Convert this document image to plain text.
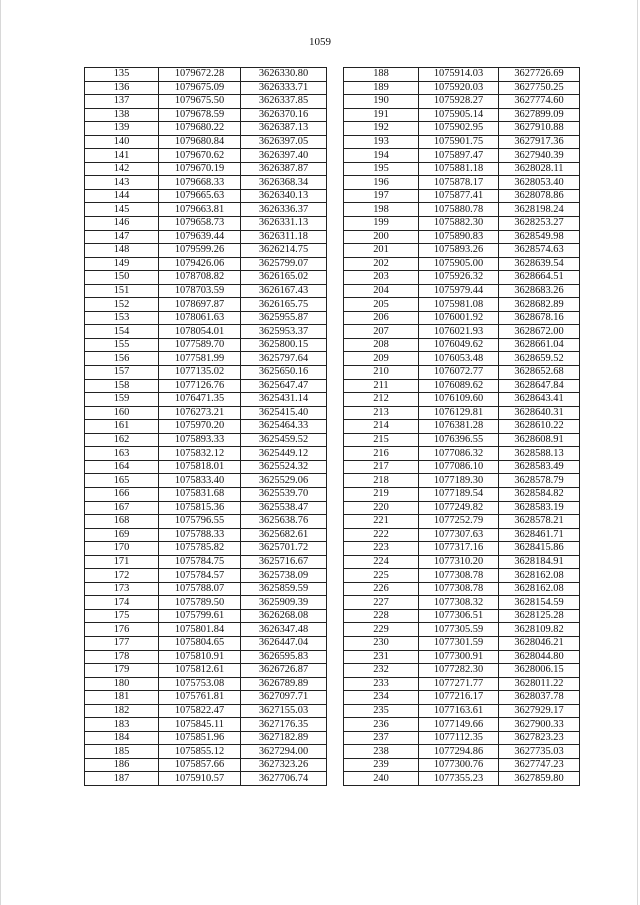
1059
135	1079672.28	3626330.80
136	1079675.09	3626333.71
137	1079675.50	3626337.85
138	1079678.59	3626370.16
139	1079680.22	3626387.13
140	1079680.84	3626397.05
141	1079670.62	3626397.40
142	1079670.19	3626387.87
143	1079668.33	3626368.34
144	1079665.63	3626340.13
145	1079663.81	3626336.37
146	1079658.73	3626331.13
147	1079639.44	3626311.18
148	1079599.26	3626214.75
149	1079426.06	3625799.07
150	1078708.82	3626165.02
151	1078703.59	3626167.43
152	1078697.87	3626165.75
153	1078061.63	3625955.87
154	1078054.01	3625953.37
155	1077589.70	3625800.15
156	1077581.99	3625797.64
157	1077135.02	3625650.16
158	1077126.76	3625647.47
159	1076471.35	3625431.14
160	1076273.21	3625415.40
161	1075970.20	3625464.33
162	1075893.33	3625459.52
163	1075832.12	3625449.12
164	1075818.01	3625524.32
165	1075833.40	3625529.06
166	1075831.68	3625539.70
167	1075815.36	3625538.47
168	1075796.55	3625638.76
169	1075788.33	3625682.61
170	1075785.82	3625701.72
171	1075784.75	3625716.67
172	1075784.57	3625738.09
173	1075788.07	3625859.59
174	1075789.50	3625909.39
175	1075799.61	3626268.08
176	1075801.84	3626347.48
177	1075804.65	3626447.04
178	1075810.91	3626595.83
179	1075812.61	3626726.87
180	1075753.08	3626789.89
181	1075761.81	3627097.71
182	1075822.47	3627155.03
183	1075845.11	3627176.35
184	1075851.96	3627182.89
185	1075855.12	3627294.00
186	1075857.66	3627323.26
187	1075910.57	3627706.74
188	1075914.03	3627726.69
189	1075920.03	3627750.25
190	1075928.27	3627774.60
191	1075905.14	3627899.09
192	1075902.95	3627910.88
193	1075901.75	3627917.36
194	1075897.47	3627940.39
195	1075881.18	3628028.11
196	1075878.17	3628053.40
197	1075877.41	3628078.86
198	1075880.78	3628198.24
199	1075882.30	3628253.27
200	1075890.83	3628549.98
201	1075893.26	3628574.63
202	1075905.00	3628639.54
203	1075926.32	3628664.51
204	1075979.44	3628683.26
205	1075981.08	3628682.89
206	1076001.92	3628678.16
207	1076021.93	3628672.00
208	1076049.62	3628661.04
209	1076053.48	3628659.52
210	1076072.77	3628652.68
211	1076089.62	3628647.84
212	1076109.60	3628643.41
213	1076129.81	3628640.31
214	1076381.28	3628610.22
215	1076396.55	3628608.91
216	1077086.32	3628588.13
217	1077086.10	3628583.49
218	1077189.30	3628578.79
219	1077189.54	3628584.82
220	1077249.82	3628583.19
221	1077252.79	3628578.21
222	1077307.63	3628461.71
223	1077317.16	3628415.86
224	1077310.20	3628184.91
225	1077308.78	3628162.08
226	1077308.78	3628162.08
227	1077308.32	3628154.59
228	1077306.51	3628125.28
229	1077305.59	3628109.82
230	1077301.59	3628046.21
231	1077300.91	3628044.80
232	1077282.30	3628006.15
233	1077271.77	3628011.22
234	1077216.17	3628037.78
235	1077163.61	3627929.17
236	1077149.66	3627900.33
237	1077112.35	3627823.23
238	1077294.86	3627735.03
239	1077300.76	3627747.23
240	1077355.23	3627859.80
